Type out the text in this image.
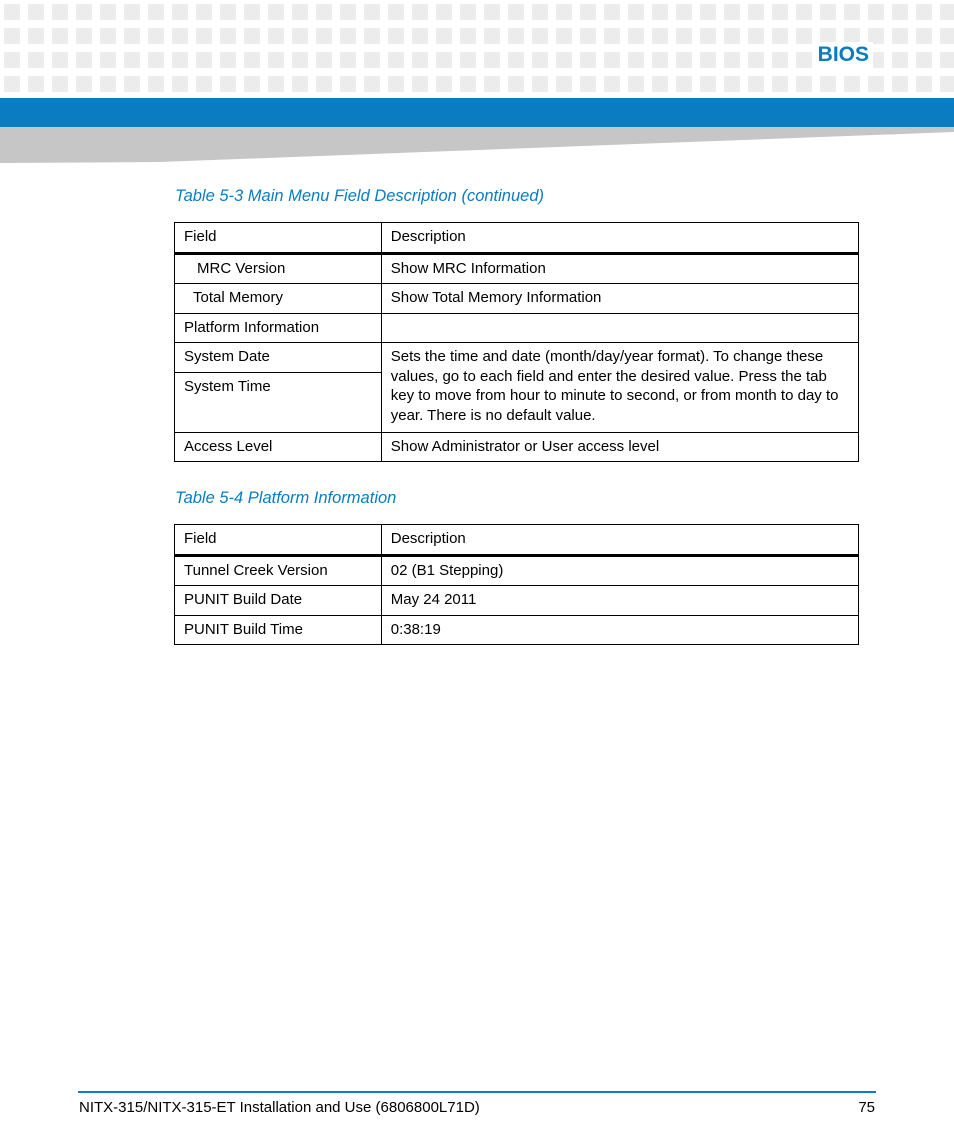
BIOS
Table 5-3 Main Menu Field Description (continued)
Field	Description
MRC Version	Show MRC Information
Total Memory	Show Total Memory Information
Platform Information	
System Date	Sets the time and date (month/day/year format). To change these values, go to each field and enter the desired value. Press the tab key to move from hour to minute to second, or from month to day to year. There is no default value.
System Time	
Access Level	Show Administrator or User access level
Table 5-4 Platform Information
Field	Description
Tunnel Creek Version	02 (B1 Stepping)
PUNIT Build Date	May 24 2011
PUNIT Build Time	0:38:19
NITX-315/NITX-315-ET Installation and Use (6806800L71D)	75
